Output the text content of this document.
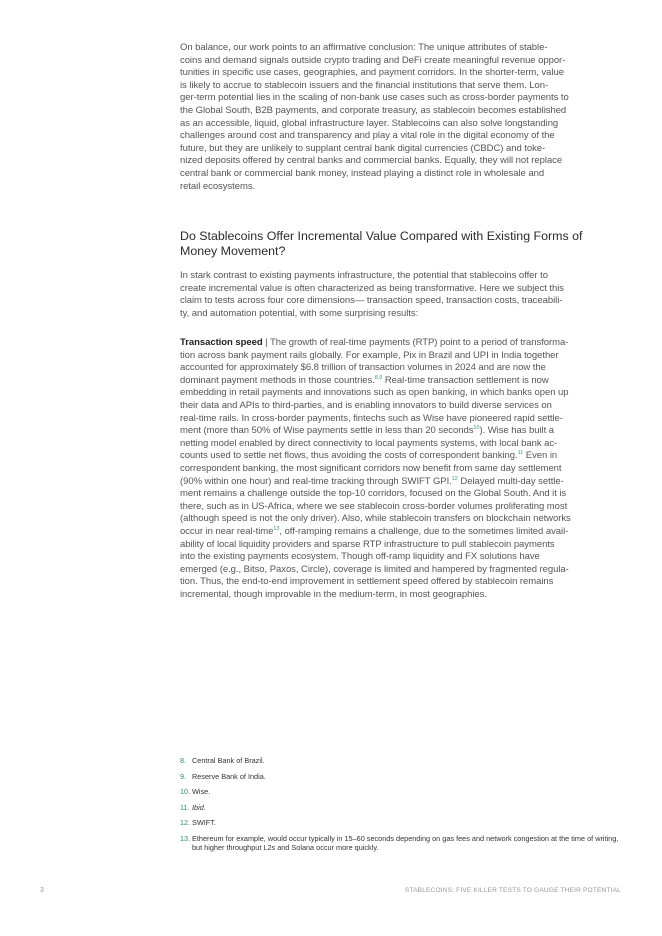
On balance, our work points to an affirmative conclusion: The unique attributes of stable-
coins and demand signals outside crypto trading and DeFi create meaningful revenue oppor-
tunities in specific use cases, geographies, and payment corridors. In the shorter-term, value
is likely to accrue to stablecoin issuers and the financial institutions that serve them. Lon-
ger-term potential lies in the scaling of non-bank use cases such as cross-border payments to
the Global South, B2B payments, and corporate treasury, as stablecoin becomes established
as an accessible, liquid, global infrastructure layer. Stablecoins can also solve longstanding
challenges around cost and transparency and play a vital role in the digital economy of the
future, but they are unlikely to supplant central bank digital currencies (CBDC) and toke-
nized deposits offered by central banks and commercial banks. Equally, they will not replace
central bank or commercial bank money, instead playing a distinct role in wholesale and
retail ecosystems.
Do Stablecoins Offer Incremental Value Compared with Existing Forms of
Money Movement?
In stark contrast to existing payments infrastructure, the potential that stablecoins offer to
create incremental value is often characterized as being transformative. Here we subject this
claim to tests across four core dimensions— transaction speed, transaction costs, traceabili-
ty, and automation potential, with some surprising results:
Transaction speed | The growth of real-time payments (RTP) point to a period of transforma-
tion across bank payment rails globally. For example, Pix in Brazil and UPI in India together
accounted for approximately $6.8 trillion of transaction volumes in 2024 and are now the
dominant payment methods in those countries.$^{8,9}$ Real-time transaction settlement is now
embedding in retail payments and innovations such as open banking, in which banks open up
their data and APIs to third-parties, and is enabling innovators to build diverse services on
real-time rails. In cross-border payments, fintechs such as Wise have pioneered rapid settle-
ment (more than 50% of Wise payments settle in less than 20 seconds$^{10}$). Wise has built a
netting model enabled by direct connectivity to local payments systems, with local bank ac-
counts used to settle net flows, thus avoiding the costs of correspondent banking.$^{11}$ Even in
correspondent banking, the most significant corridors now benefit from same day settlement
(90% within one hour) and real-time tracking through SWIFT GPI.$^{12}$ Delayed multi-day settle-
ment remains a challenge outside the top-10 corridors, focused on the Global South. And it is
there, such as in US-Africa, where we see stablecoin cross-border volumes proliferating most
(although speed is not the only driver). Also, while stablecoin transfers on blockchain networks
occur in near real-time$^{13}$, off-ramping remains a challenge, due to the sometimes limited avail-
ability of local liquidity providers and sparse RTP infrastructure to pull stablecoin payments
into the existing payments ecosystem. Though off-ramp liquidity and FX solutions have
emerged (e.g., Bitso, Paxos, Circle), coverage is limited and hampered by fragmented regula-
tion. Thus, the end-to-end improvement in settlement speed offered by stablecoin remains
incremental, though improvable in the medium-term, in most geographies.
8. Central Bank of Brazil.
9. Reserve Bank of India.
10. Wise.
11. Ibid.
12. SWIFT.
13. Ethereum for example, would occur typically in 15–60 seconds depending on gas fees and network congestion at the time of writing, but higher throughput L2s and Solana occur more quickly.
3	STABLECOINS: FIVE KILLER TESTS TO GAUGE THEIR POTENTIAL
